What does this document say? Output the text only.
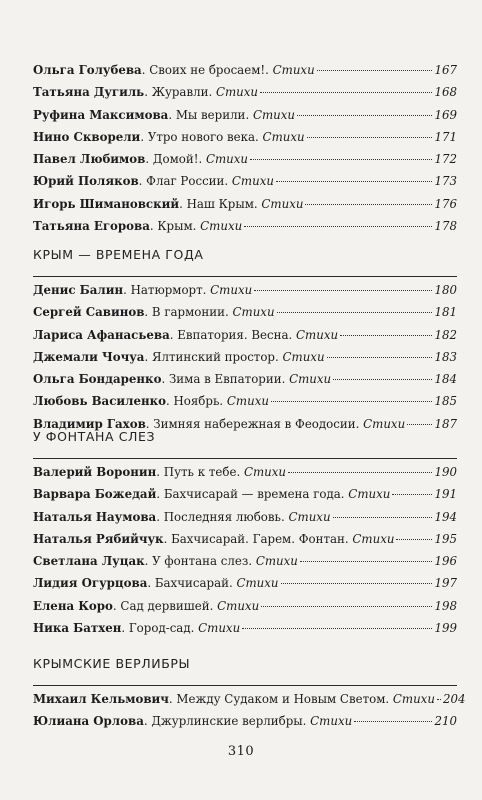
Ольга Голубева . Своих не бросаем! . Стихи	167
Татьяна Дугиль . Журавли . Стихи	168
Руфина Максимова . Мы верили . Стихи	169
Нино Скворели . Утро нового века . Стихи	171
Павел Любимов . Домой! . Стихи	172
Юрий Поляков . Флаг России . Стихи	173
Игорь Шимановский . Наш Крым . Стихи	176
Татьяна Егорова . Крым . Стихи	178
КРЫМ — ВРЕМЕНА ГОДА
Денис Балин . Натюрморт . Стихи	180
Сергей Савинов . В гармонии . Стихи	181
Лариса Афанасьева . Евпатория. Весна . Стихи	182
Джемали Чочуа . Ялтинский простор . Стихи	183
Ольга Бондаренко . Зима в Евпатории . Стихи	184
Любовь Василенко . Ноябрь . Стихи	185
Владимир Гахов . Зимняя набережная в Феодосии . Стихи 187
У ФОНТАНА СЛЕЗ
Валерий Воронин . Путь к тебе . Стихи	190
Варвара Божедай . Бахчисарай — времена года . Стихи	191
Наталья Наумова . Последняя любовь . Стихи	194
Наталья Рябийчук . Бахчисарай. Гарем. Фонтан . Стихи	195
Светлана Луцак . У фонтана слез . Стихи	196
Лидия Огурцова . Бахчисарай . Стихи	197
Елена Коро . Сад дервишей . Стихи	198
Ника Батхен . Город-сад . Стихи	199
КРЫМСКИЕ ВЕРЛИБРЫ
Михаил Кельмович . Между Судаком и Новым Светом . Стихи 204
Юлиана Орлова . Джурлинские верлибры . Стихи	210
310
